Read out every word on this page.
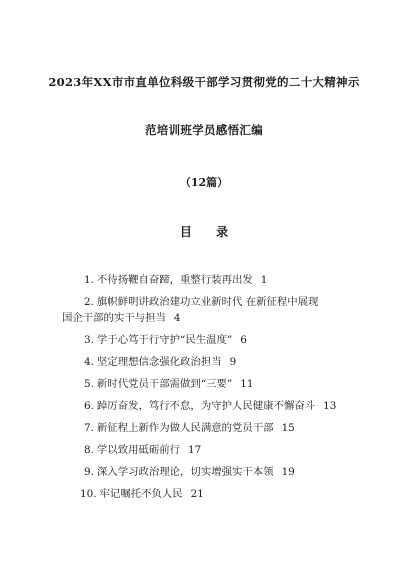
2023年XX市市直单位科级干部学习贯彻党的二十大精神示
范培训班学员感悟汇编
（12篇）
目 录
1. 不待扬鞭自奋蹄，重整行装再出发 1
2. 旗帜鲜明讲政治建功立业新时代 在新征程中展现
国企干部的实干与担当 4
3. 学于心笃于行守护“民生温度” 6
4. 坚定理想信念强化政治担当 9
5. 新时代党员干部需做到“三要” 11
6. 踔厉奋发，笃行不怠，为守护人民健康不懈奋斗 13
7. 新征程上新作为做人民满意的党员干部 15
8. 学以致用砥砺前行 17
9. 深入学习政治理论，切实增强实干本领 19
10. 牢记嘱托不负人民 21
